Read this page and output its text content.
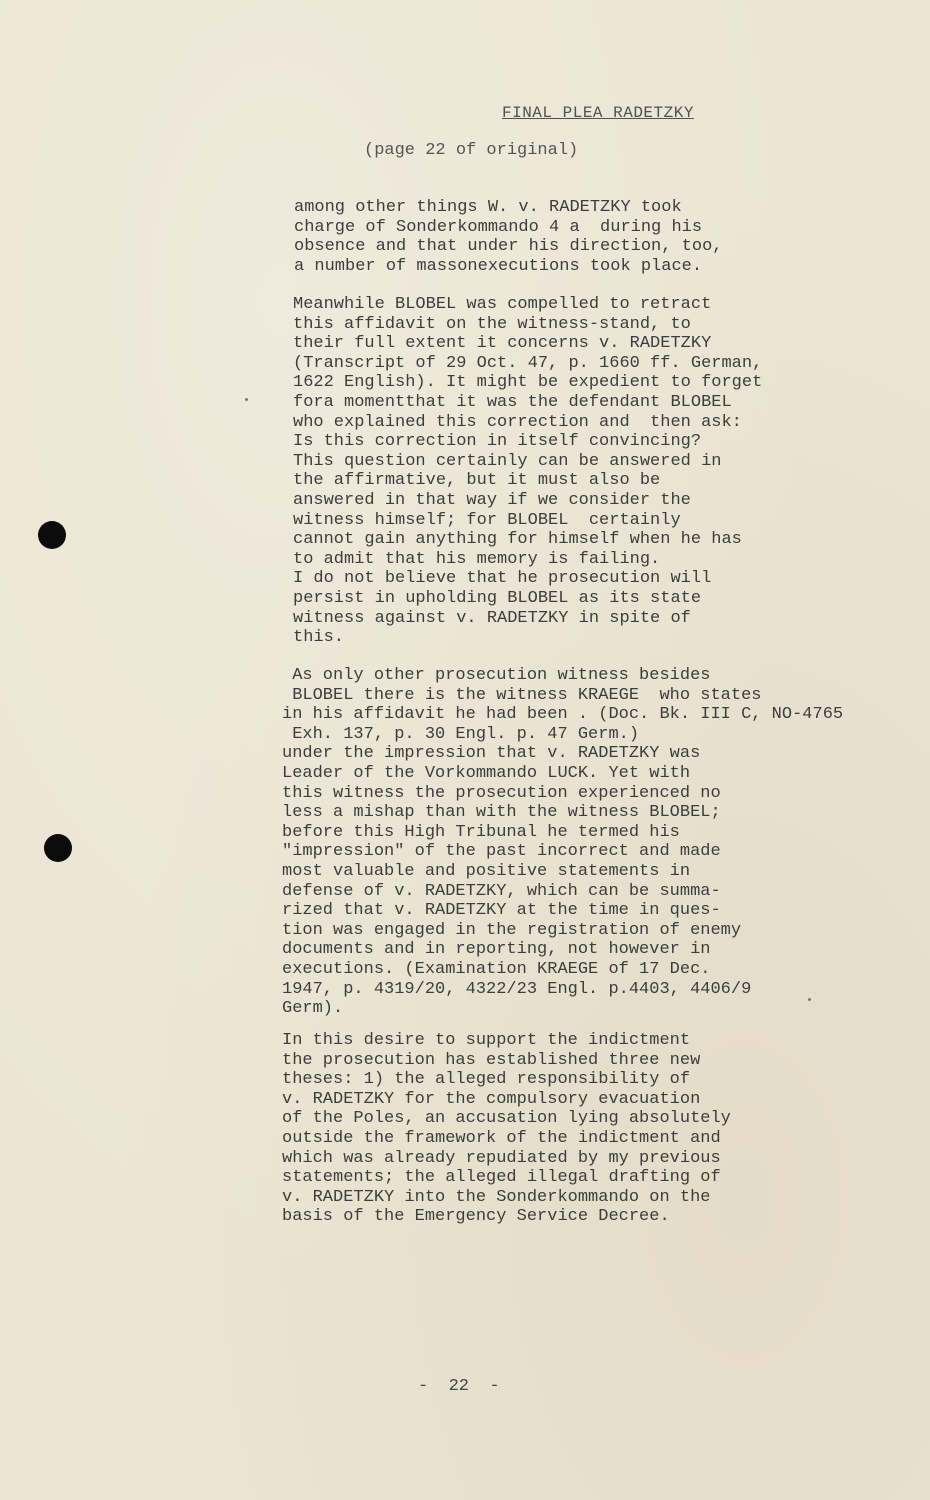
FINAL PLEA RADETZKY
(page 22 of original)

among other things W. v. RADETZKY took
charge of Sonderkommando 4 a  during his
obsence and that under his direction, too,
a number of massonexecutions took place.

Meanwhile BLOBEL was compelled to retract
this affidavit on the witness-stand, to
their full extent it concerns v. RADETZKY
(Transcript of 29 Oct. 47, p. 1660 ff. German,
1622 English). It might be expedient to forget
fora momentthat it was the defendant BLOBEL
who explained this correction and  then ask:
Is this correction in itself convincing?
This question certainly can be answered in
the affirmative, but it must also be
answered in that way if we consider the
witness himself; for BLOBEL  certainly
cannot gain anything for himself when he has
to admit that his memory is failing.
I do not believe that he prosecution will
persist in upholding BLOBEL as its state
witness against v. RADETZKY in spite of
this.

As only other prosecution witness besides
BLOBEL there is the witness KRAEGE  who states
in his affidavit he had been . (Doc. Bk. III C, NO-4765
Exh. 137, p. 30 Engl. p. 47 Germ.)
under the impression that v. RADETZKY was
Leader of the Vorkommando LUCK. Yet with
this witness the prosecution experienced no
less a mishap than with the witness BLOBEL;
before this High Tribunal he termed his
"impression" of the past incorrect and made
most valuable and positive statements in
defense of v. RADETZKY, which can be summa-
rized that v. RADETZKY at the time in ques-
tion was engaged in the registration of enemy
documents and in reporting, not however in
executions. (Examination KRAEGE of 17 Dec.
1947, p. 4319/20, 4322/23 Engl. p.4403, 4406/9
Germ).

In this desire to support the indictment
the prosecution has established three new
theses: 1) the alleged responsibility of
v. RADETZKY for the compulsory evacuation
of the Poles, an accusation lying absolutely
outside the framework of the indictment and
which was already repudiated by my previous
statements; the alleged illegal drafting of
v. RADETZKY into the Sonderkommando on the
basis of the Emergency Service Decree.

-  22  -
